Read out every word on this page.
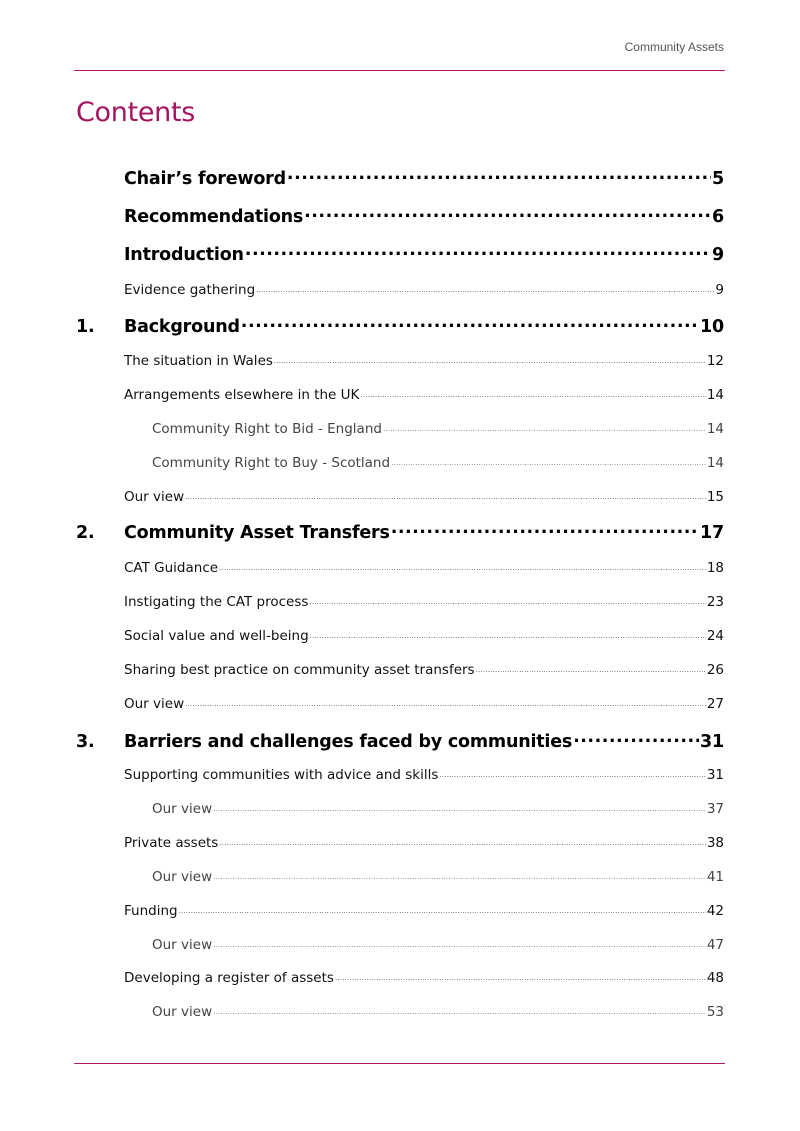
Community Assets
Contents
Chair’s foreword .....	5
Recommendations .....	6
Introduction .....	9
Evidence gathering .....	9
1.	Background .....	10
The situation in Wales .....	12
Arrangements elsewhere in the UK .....	14
Community Right to Bid - England .....	14
Community Right to Buy - Scotland .....	14
Our view .....	15
2.	Community Asset Transfers .....	17
CAT Guidance .....	18
Instigating the CAT process .....	23
Social value and well-being .....	24
Sharing best practice on community asset transfers .....	26
Our view .....	27
3.	Barriers and challenges faced by communities .....	31
Supporting communities with advice and skills .....	31
Our view .....	37
Private assets .....	38
Our view .....	41
Funding .....	42
Our view .....	47
Developing a register of assets .....	48
Our view .....	53
